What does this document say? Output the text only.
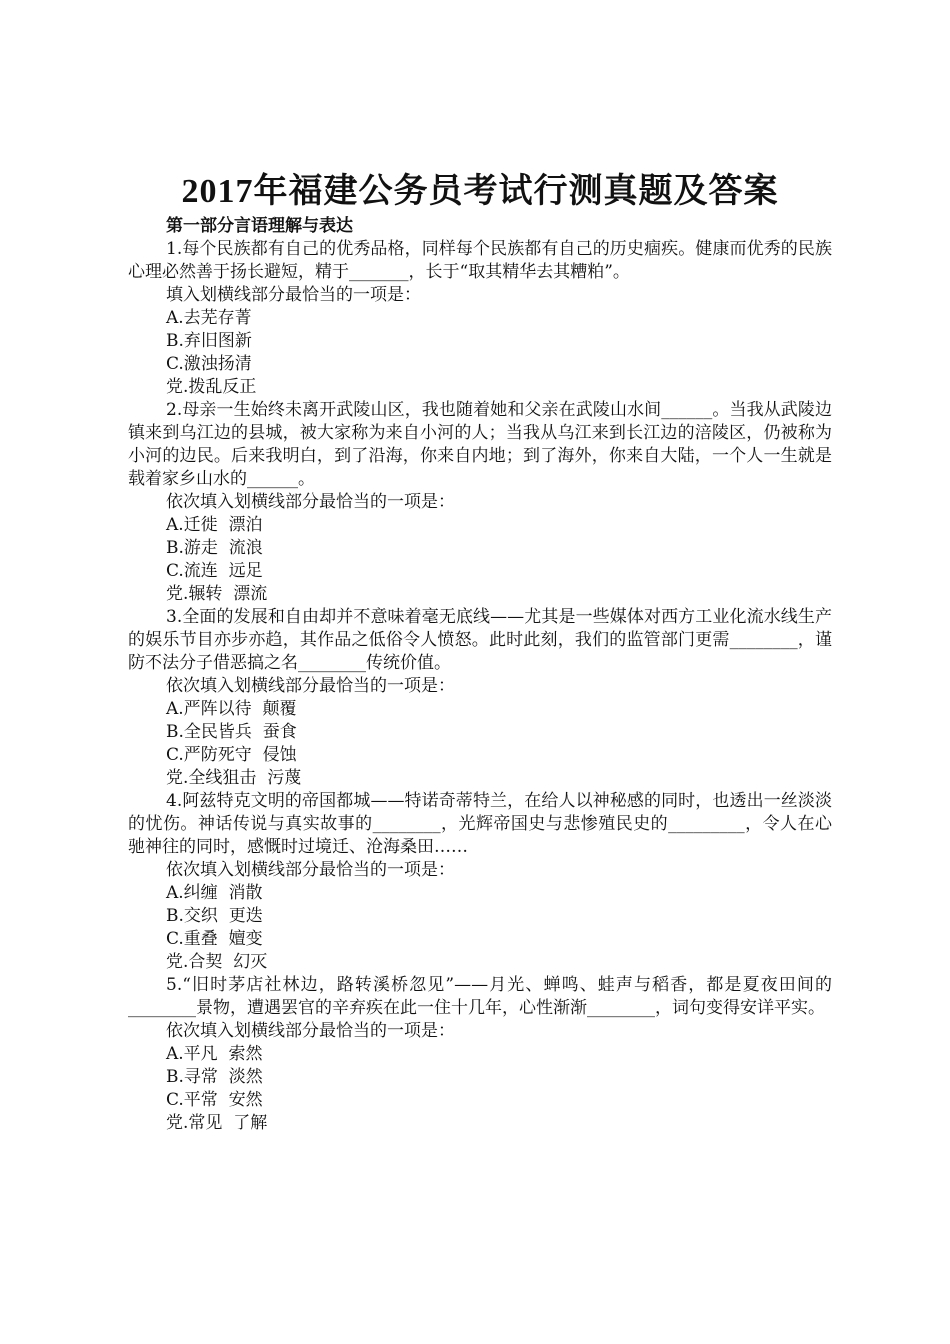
2017年福建公务员考试行测真题及答案
第一部分言语理解与表达

1.每个民族都有自己的优秀品格，同样每个民族都有自己的历史痼疾。健康而优秀的民族心理必然善于扬长避短，精于_______，长于“取其精华去其糟粕”。

填入划横线部分最恰当的一项是：

A.去芜存菁

B.弃旧图新

C.激浊扬清

党.拨乱反正

2.母亲一生始终未离开武陵山区，我也随着她和父亲在武陵山水间______。当我从武陵边镇来到乌江边的县城，被大家称为来自小河的人；当我从乌江来到长江边的涪陵区，仍被称为小河的边民。后来我明白，到了沿海，你来自内地；到了海外，你来自大陆，一个人一生就是载着家乡山水的______。

依次填入划横线部分最恰当的一项是：

A.迁徙  漂泊

B.游走  流浪

C.流连  远足

党.辗转  漂流

3.全面的发展和自由却并不意味着毫无底线——尤其是一些媒体对西方工业化流水线生产的娱乐节目亦步亦趋，其作品之低俗令人愤怒。此时此刻，我们的监管部门更需________，谨防不法分子借恶搞之名________传统价值。

依次填入划横线部分最恰当的一项是：

A.严阵以待  颠覆

B.全民皆兵  蚕食

C.严防死守  侵蚀

党.全线狙击  污蔑

4.阿兹特克文明的帝国都城——特诺奇蒂特兰，在给人以神秘感的同时，也透出一丝淡淡的忧伤。神话传说与真实故事的________，光辉帝国史与悲惨殖民史的_________，令人在心驰神往的同时，感慨时过境迁、沧海桑田……

依次填入划横线部分最恰当的一项是：

A.纠缠  消散

B.交织  更迭

C.重叠  嬗变

党.合契  幻灭

5.“旧时茅店社林边，路转溪桥忽见”——月光、蝉鸣、蛙声与稻香，都是夏夜田间的________景物，遭遇罢官的辛弃疾在此一住十几年，心性渐渐________，词句变得安详平实。

依次填入划横线部分最恰当的一项是：

A.平凡  索然

B.寻常  淡然

C.平常  安然

党.常见  了解
